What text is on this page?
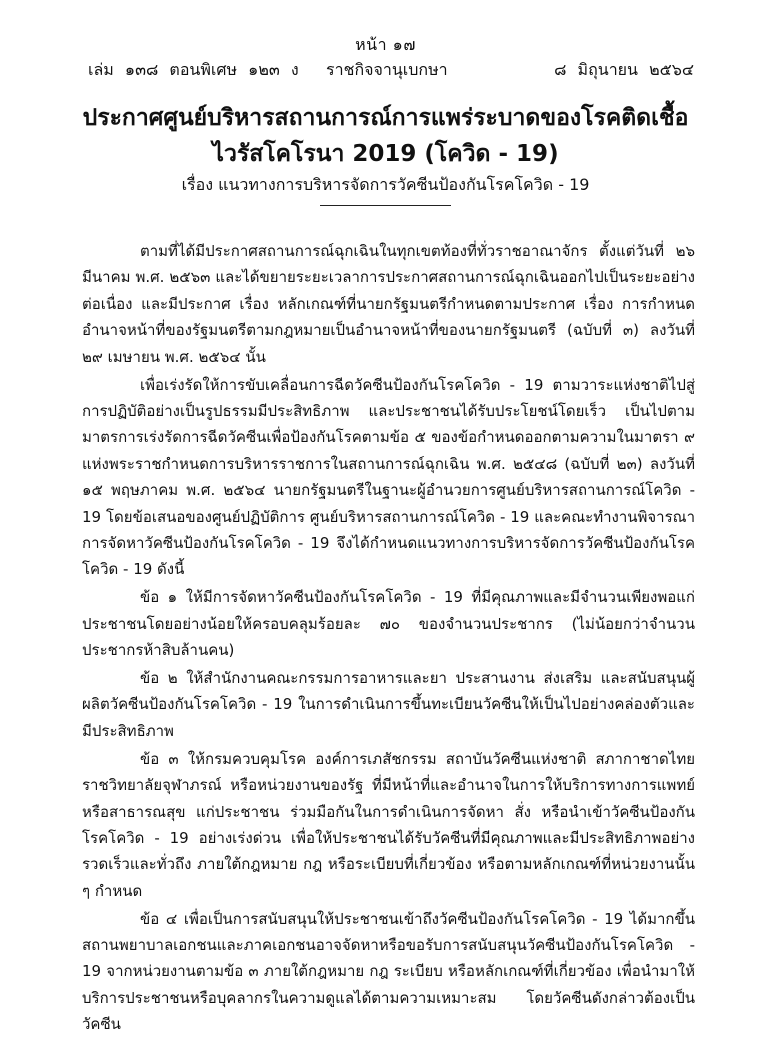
หน้า ๑๗
เล่ม ๑๓๘ ตอนพิเศษ ๑๒๓ ง ราชกิจจานุเบกษา	๘ มิถุนายน ๒๕๖๔
ประกาศศูนย์บริหารสถานการณ์การแพร่ระบาดของโรคติดเชื้อ
ไวรัสโคโรนา 2019 (โควิด - 19)
เรื่อง แนวทางการบริหารจัดการวัคซีนป้องกันโรคโควิด - 19

ตามที่ได้มีประกาศสถานการณ์ฉุกเฉินในทุกเขตท้องที่ทั่วราชอาณาจักร ตั้งแต่วันที่ ๒๖ มีนาคม พ.ศ. ๒๕๖๓ และได้ขยายระยะเวลาการประกาศสถานการณ์ฉุกเฉินออกไปเป็นระยะอย่างต่อเนื่อง และมีประกาศ เรื่อง หลักเกณฑ์ที่นายกรัฐมนตรีกำหนดตามประกาศ เรื่อง การกำหนดอำนาจหน้าที่ของรัฐมนตรีตามกฎหมายเป็นอำนาจหน้าที่ของนายกรัฐมนตรี (ฉบับที่ ๓) ลงวันที่ ๒๙ เมษายน พ.ศ. ๒๕๖๔ นั้น

เพื่อเร่งรัดให้การขับเคลื่อนการฉีดวัคซีนป้องกันโรคโควิด - 19 ตามวาระแห่งชาติไปสู่การปฏิบัติอย่างเป็นรูปธรรมมีประสิทธิภาพ และประชาชนได้รับประโยชน์โดยเร็ว เป็นไปตามมาตรการเร่งรัดการฉีดวัคซีนเพื่อป้องกันโรคตามข้อ ๕ ของข้อกำหนดออกตามความในมาตรา ๙ แห่งพระราชกำหนดการบริหารราชการในสถานการณ์ฉุกเฉิน พ.ศ. ๒๕๔๘ (ฉบับที่ ๒๓) ลงวันที่ ๑๕ พฤษภาคม พ.ศ. ๒๕๖๔ นายกรัฐมนตรีในฐานะผู้อำนวยการศูนย์บริหารสถานการณ์โควิด - 19 โดยข้อเสนอของศูนย์ปฏิบัติการ ศูนย์บริหารสถานการณ์โควิด - 19 และคณะทำงานพิจารณาการจัดหาวัคซีนป้องกันโรคโควิด - 19 จึงได้กำหนดแนวทางการบริหารจัดการวัคซีนป้องกันโรคโควิด - 19 ดังนี้

ข้อ ๑ ให้มีการจัดหาวัคซีนป้องกันโรคโควิด - 19 ที่มีคุณภาพและมีจำนวนเพียงพอแก่ประชาชนโดยอย่างน้อยให้ครอบคลุมร้อยละ ๗๐ ของจำนวนประชากร (ไม่น้อยกว่าจำนวนประชากรห้าสิบล้านคน)

ข้อ ๒ ให้สำนักงานคณะกรรมการอาหารและยา ประสานงาน ส่งเสริม และสนับสนุนผู้ผลิตวัคซีนป้องกันโรคโควิด - 19 ในการดำเนินการขึ้นทะเบียนวัคซีนให้เป็นไปอย่างคล่องตัวและมีประสิทธิภาพ

ข้อ ๓ ให้กรมควบคุมโรค องค์การเภสัชกรรม สถาบันวัคซีนแห่งชาติ สภากาชาดไทย ราชวิทยาลัยจุฬาภรณ์ หรือหน่วยงานของรัฐ ที่มีหน้าที่และอำนาจในการให้บริการทางการแพทย์หรือสาธารณสุข แก่ประชาชน ร่วมมือกันในการดำเนินการจัดหา สั่ง หรือนำเข้าวัคซีนป้องกันโรคโควิด - 19 อย่างเร่งด่วน เพื่อให้ประชาชนได้รับวัคซีนที่มีคุณภาพและมีประสิทธิภาพอย่างรวดเร็วและทั่วถึง ภายใต้กฎหมาย กฎ หรือระเบียบที่เกี่ยวข้อง หรือตามหลักเกณฑ์ที่หน่วยงานนั้น ๆ กำหนด

ข้อ ๔ เพื่อเป็นการสนับสนุนให้ประชาชนเข้าถึงวัคซีนป้องกันโรคโควิด - 19 ได้มากขึ้น สถานพยาบาลเอกชนและภาคเอกชนอาจจัดหาหรือขอรับการสนับสนุนวัคซีนป้องกันโรคโควิด - 19 จากหน่วยงานตามข้อ ๓ ภายใต้กฎหมาย กฎ ระเบียบ หรือหลักเกณฑ์ที่เกี่ยวข้อง เพื่อนำมาให้บริการประชาชนหรือบุคลากรในความดูแลได้ตามความเหมาะสม โดยวัคซีนดังกล่าวต้องเป็นวัคซีน
